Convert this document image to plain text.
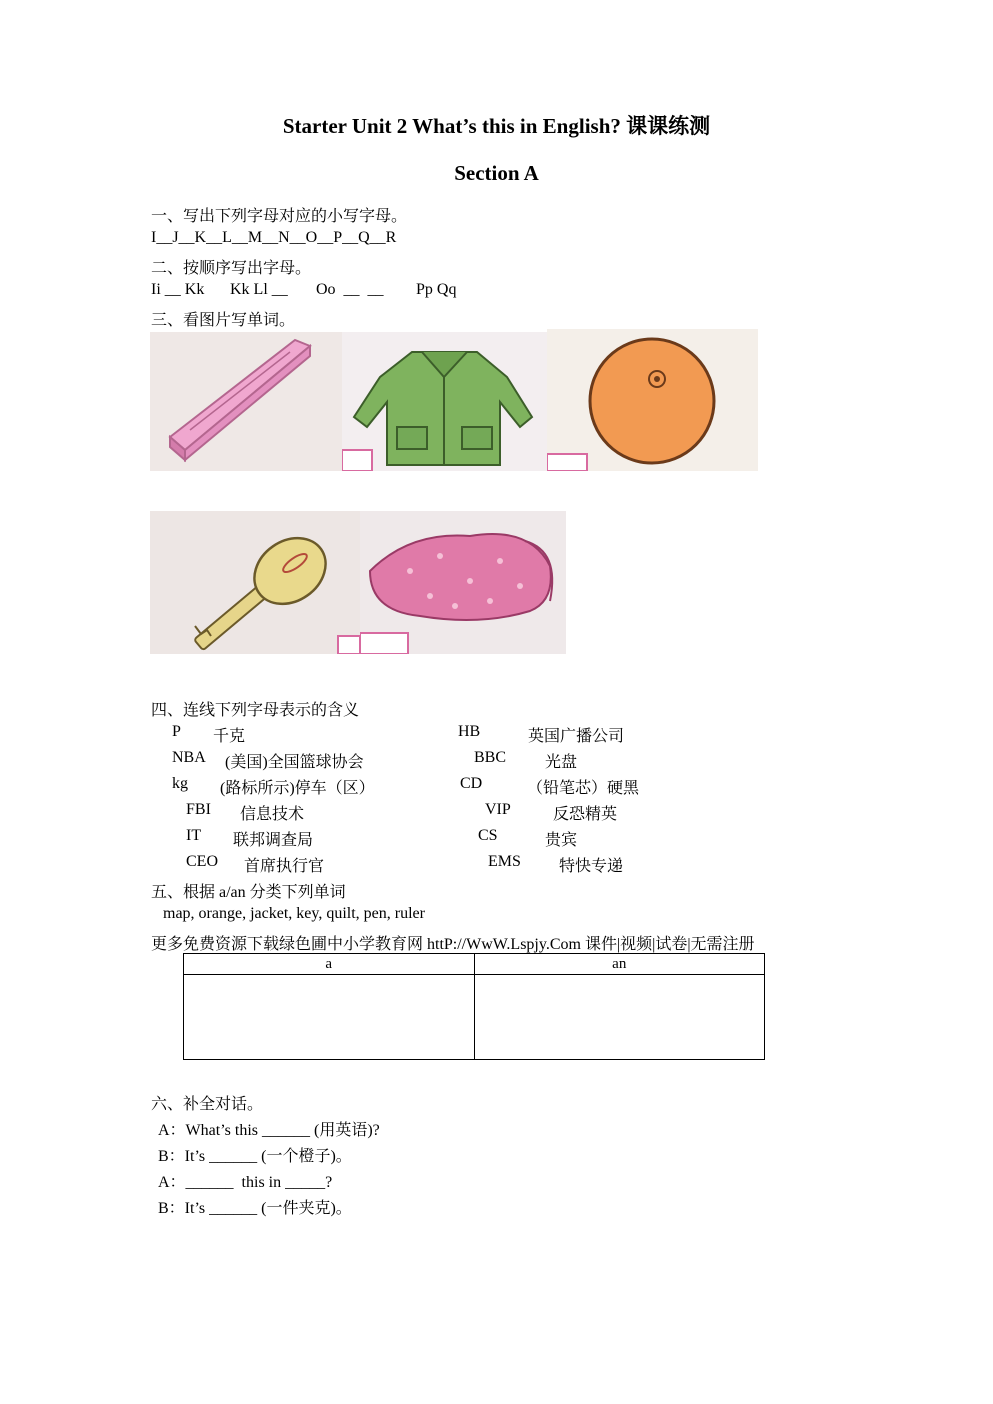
Starter Unit 2 What’s this in English? 课课练测
Section A
一、写出下列字母对应的小写字母。
I__J__K__L__M__N__O__P__Q__R
二、按顺序写出字母。
Ii __ Kk Kk Ll __ Oo  __  __ Pp Qq
三、看图片写单词。
四、连线下列字母表示的含义
P 千克
NBA (美国)全国篮球协会
kg (路标所示)停车（区）
FBI 信息技术
IT 联邦调查局
CEO 首席执行官
HB	英国广播公司
BBC 光盘
CD	（铅笔芯）硬黑
VIP	反恐精英
CS	贵宾
EMS 特快专递
五、根据 a/an 分类下列单词
map, orange, jacket, key, quilt, pen, ruler
更多免费资源下载绿色圃中小学教育网 httP://WwW.Lspjy.Com 课件|视频|试卷|无需注册
a	an

六、补全对话。
A：What’s this ______ (用英语)?
B：It’s ______ (一个橙子)。
A：______  this in _____?
B：It’s ______ (一件夹克)。
